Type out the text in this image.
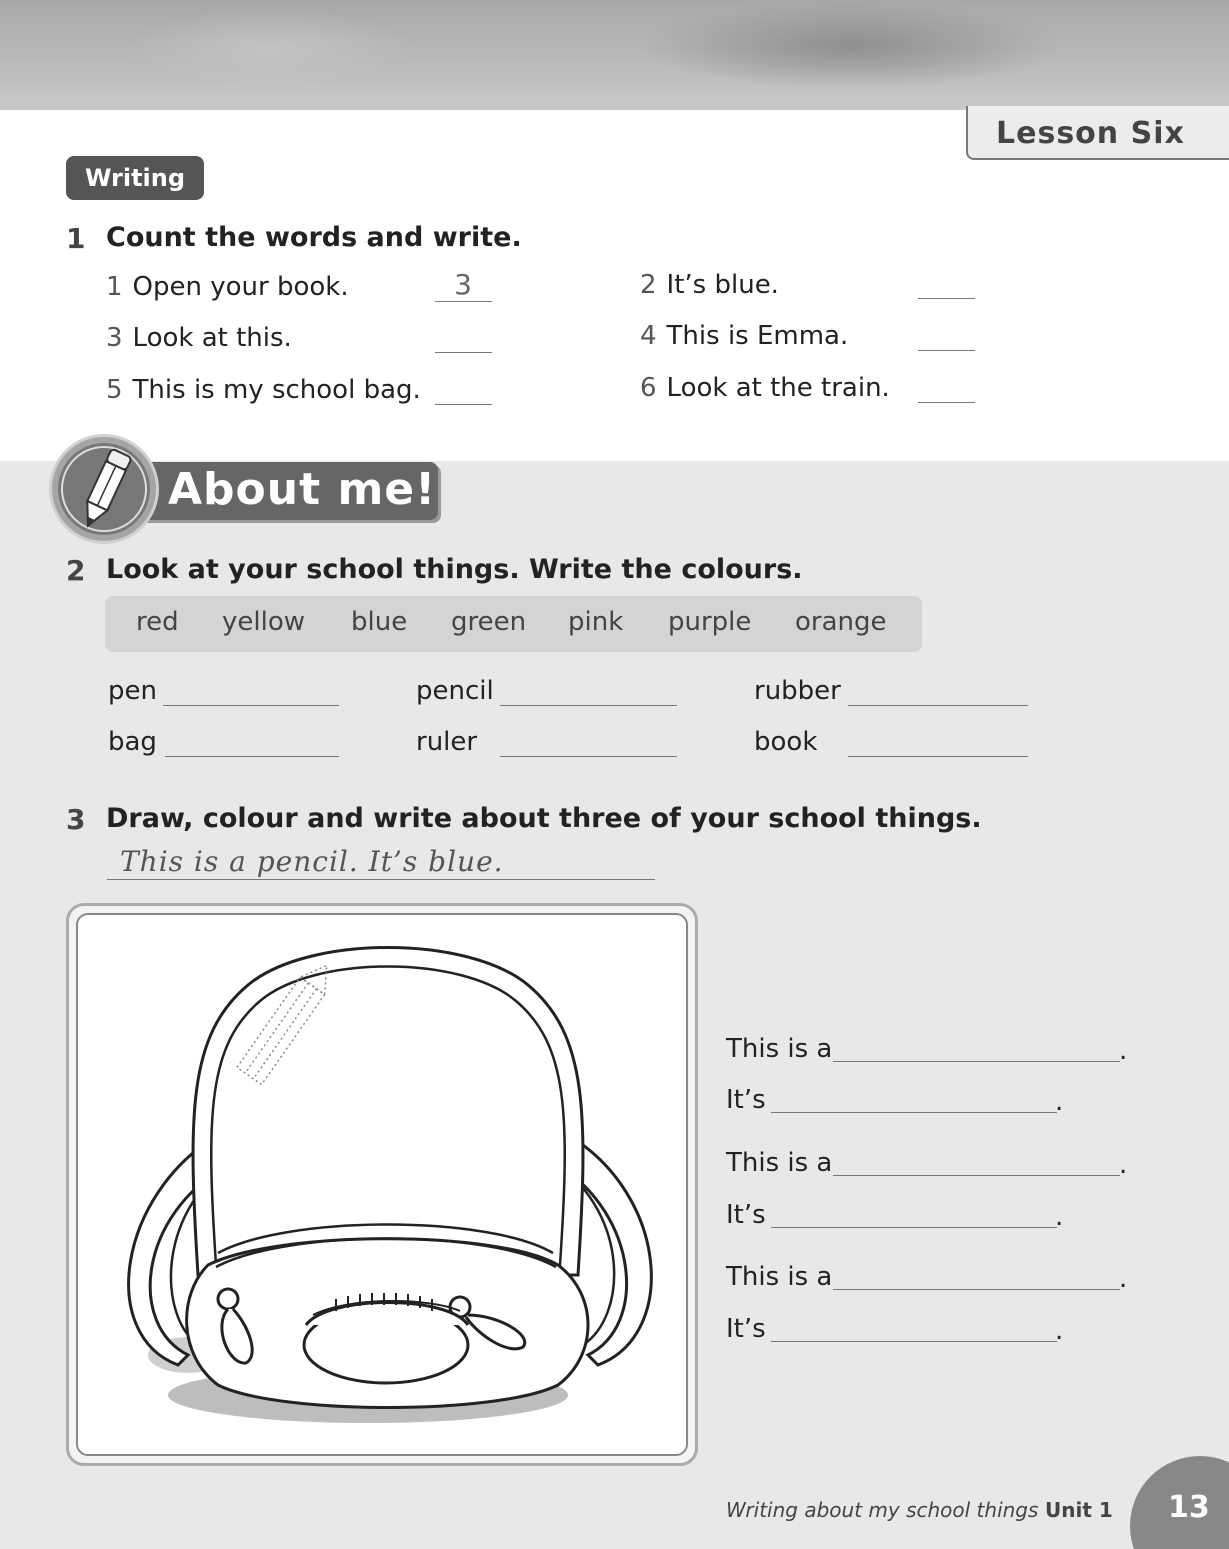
Lesson Six
Writing
1 Count the words and write.
1 Open your book.	3	2 It’s blue.
3 Look at this.	4 This is Emma.
5 This is my school bag.	6 Look at the train.
About me!
2 Look at your school things. Write the colours.
red yellow blue green pink purple orange
pen	pencil	rubber
bag	ruler	book
3 Draw, colour and write about three of your school things.
This is a pencil. It’s blue.
This is a	.
It’s	.
This is a	.
It’s	.
This is a	.
It’s	.
Writing about my school things Unit 1 13
